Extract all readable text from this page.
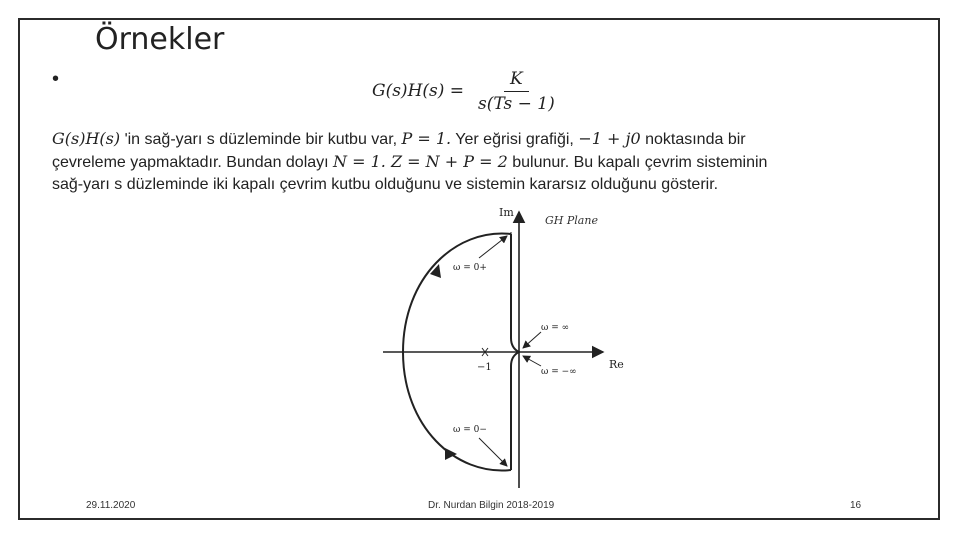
Örnekler
•
$G(s)H(s) = \frac{K}{s(Ts - 1)}$
G(s)H(s) ʹin sağ-yarı s düzleminde bir kutbu var, P = 1. Yer eğrisi grafiği, −1 + j0 noktasında bir
çevreleme yapmaktadır. Bundan dolayı N = 1. Z = N + P = 2 bulunur. Bu kapalı çevrim sisteminin
sağ-yarı s düzleminde iki kapalı çevrim kutbu olduğunu ve sistemin kararsız olduğunu gösterir.
Im
Re
GH Plane
−1
ω = 0+
ω = 0−
ω = ∞
ω = −∞
29.11.2020	Dr. Nurdan Bilgin 2018-2019	16
